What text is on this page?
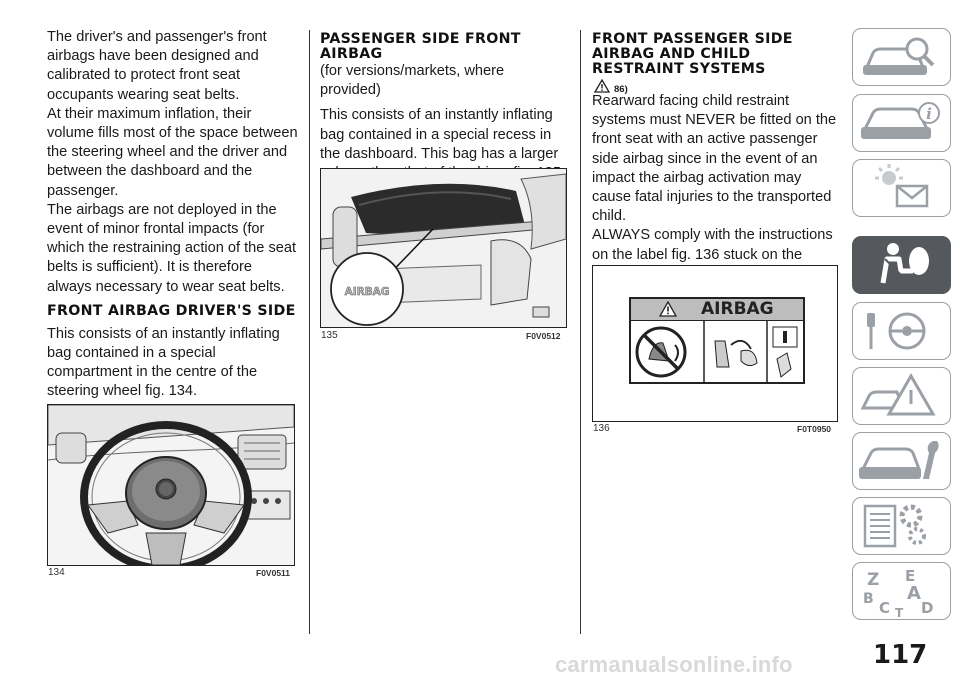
The driver's and passenger's front airbags have been designed and calibrated to protect front seat occupants wearing seat belts.

At their maximum inflation, their volume fills most of the space between the steering wheel and the driver and between the dashboard and the passenger.

The airbags are not deployed in the event of minor frontal impacts (for which the restraining action of the seat belts is sufficient). It is therefore always necessary to wear seat belts.

FRONT AIRBAG DRIVER'S SIDE

This consists of an instantly inflating bag contained in a special compartment in the centre of the steering wheel fig. 134.

134	F0V0511
PASSENGER SIDE FRONT AIRBAG

(for versions/markets, where provided)

This consists of an instantly inflating bag contained in a special recess in the dashboard. This bag has a larger

AIRBAG
135	F0V0512
FRONT PASSENGER SIDE AIRBAG AND CHILD RESTRAINT SYSTEMS
86)

Rearward facing child restraint systems must NEVER be fitted on the front seat with an active passenger side airbag since in the event of an impact the airbag activation may cause fatal injuries to the transported child.

ALWAYS comply with the instructions on the label fig. 136 stuck on the

AIRBAG
136	F0T0950
i
Z E
B A
C D
T
117
carmanualsonline.info
